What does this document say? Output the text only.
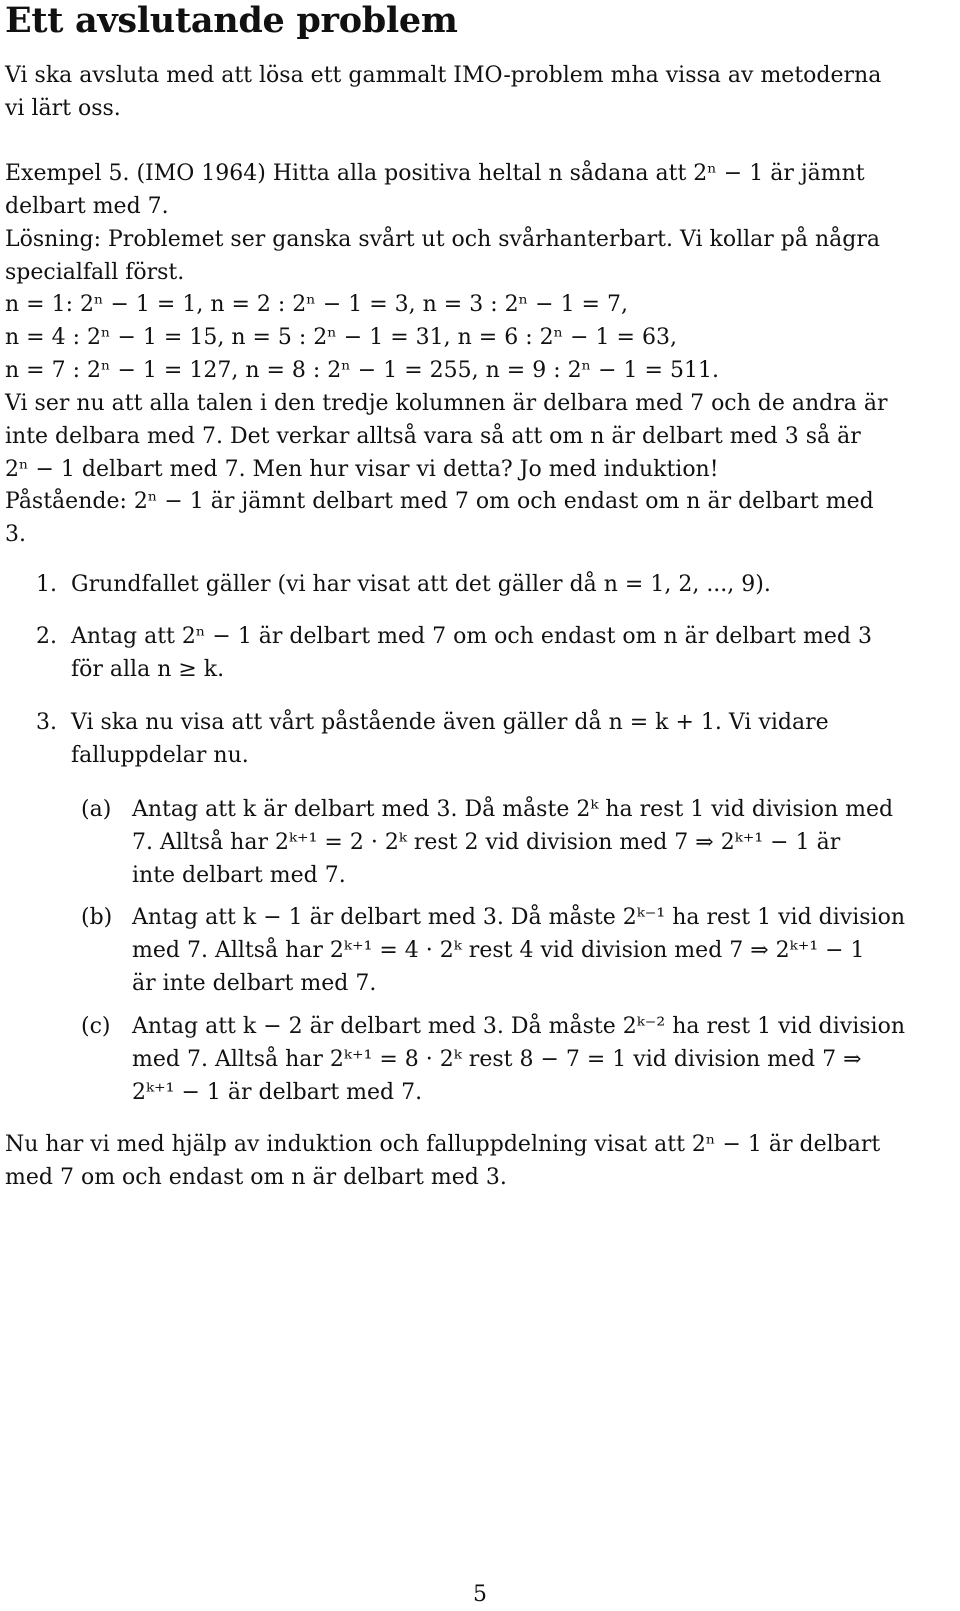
Ett avslutande problem
Vi ska avsluta med att lösa ett gammalt IMO-problem mha vissa av metoderna
vi lärt oss.
Exempel 5. (IMO 1964) Hitta alla positiva heltal n sådana att 2ⁿ − 1 är jämnt
delbart med 7.
Lösning: Problemet ser ganska svårt ut och svårhanterbart. Vi kollar på några
specialfall först.
n = 1: 2ⁿ − 1 = 1, n = 2 : 2ⁿ − 1 = 3, n = 3 : 2ⁿ − 1 = 7,
n = 4 : 2ⁿ − 1 = 15, n = 5 : 2ⁿ − 1 = 31, n = 6 : 2ⁿ − 1 = 63,
n = 7 : 2ⁿ − 1 = 127, n = 8 : 2ⁿ − 1 = 255, n = 9 : 2ⁿ − 1 = 511.
Vi ser nu att alla talen i den tredje kolumnen är delbara med 7 och de andra är
inte delbara med 7. Det verkar alltså vara så att om n är delbart med 3 så är
2ⁿ − 1 delbart med 7. Men hur visar vi detta? Jo med induktion!
Påstående: 2ⁿ − 1 är jämnt delbart med 7 om och endast om n är delbart med
3.
1. Grundfallet gäller (vi har visat att det gäller då n = 1, 2, ..., 9).
2. Antag att 2ⁿ − 1 är delbart med 7 om och endast om n är delbart med 3
för alla n ≥ k.
3. Vi ska nu visa att vårt påstående även gäller då n = k + 1. Vi vidare
falluppdelar nu.
(a) Antag att k är delbart med 3. Då måste 2ᵏ ha rest 1 vid division med
7. Alltså har 2ᵏ⁺¹ = 2 · 2ᵏ rest 2 vid division med 7 ⇒ 2ᵏ⁺¹ − 1 är
inte delbart med 7.
(b) Antag att k − 1 är delbart med 3. Då måste 2ᵏ⁻¹ ha rest 1 vid division
med 7. Alltså har 2ᵏ⁺¹ = 4 · 2ᵏ rest 4 vid division med 7 ⇒ 2ᵏ⁺¹ − 1
är inte delbart med 7.
(c) Antag att k − 2 är delbart med 3. Då måste 2ᵏ⁻² ha rest 1 vid division
med 7. Alltså har 2ᵏ⁺¹ = 8 · 2ᵏ rest 8 − 7 = 1 vid division med 7 ⇒
2ᵏ⁺¹ − 1 är delbart med 7.
Nu har vi med hjälp av induktion och falluppdelning visat att 2ⁿ − 1 är delbart
med 7 om och endast om n är delbart med 3.
5
